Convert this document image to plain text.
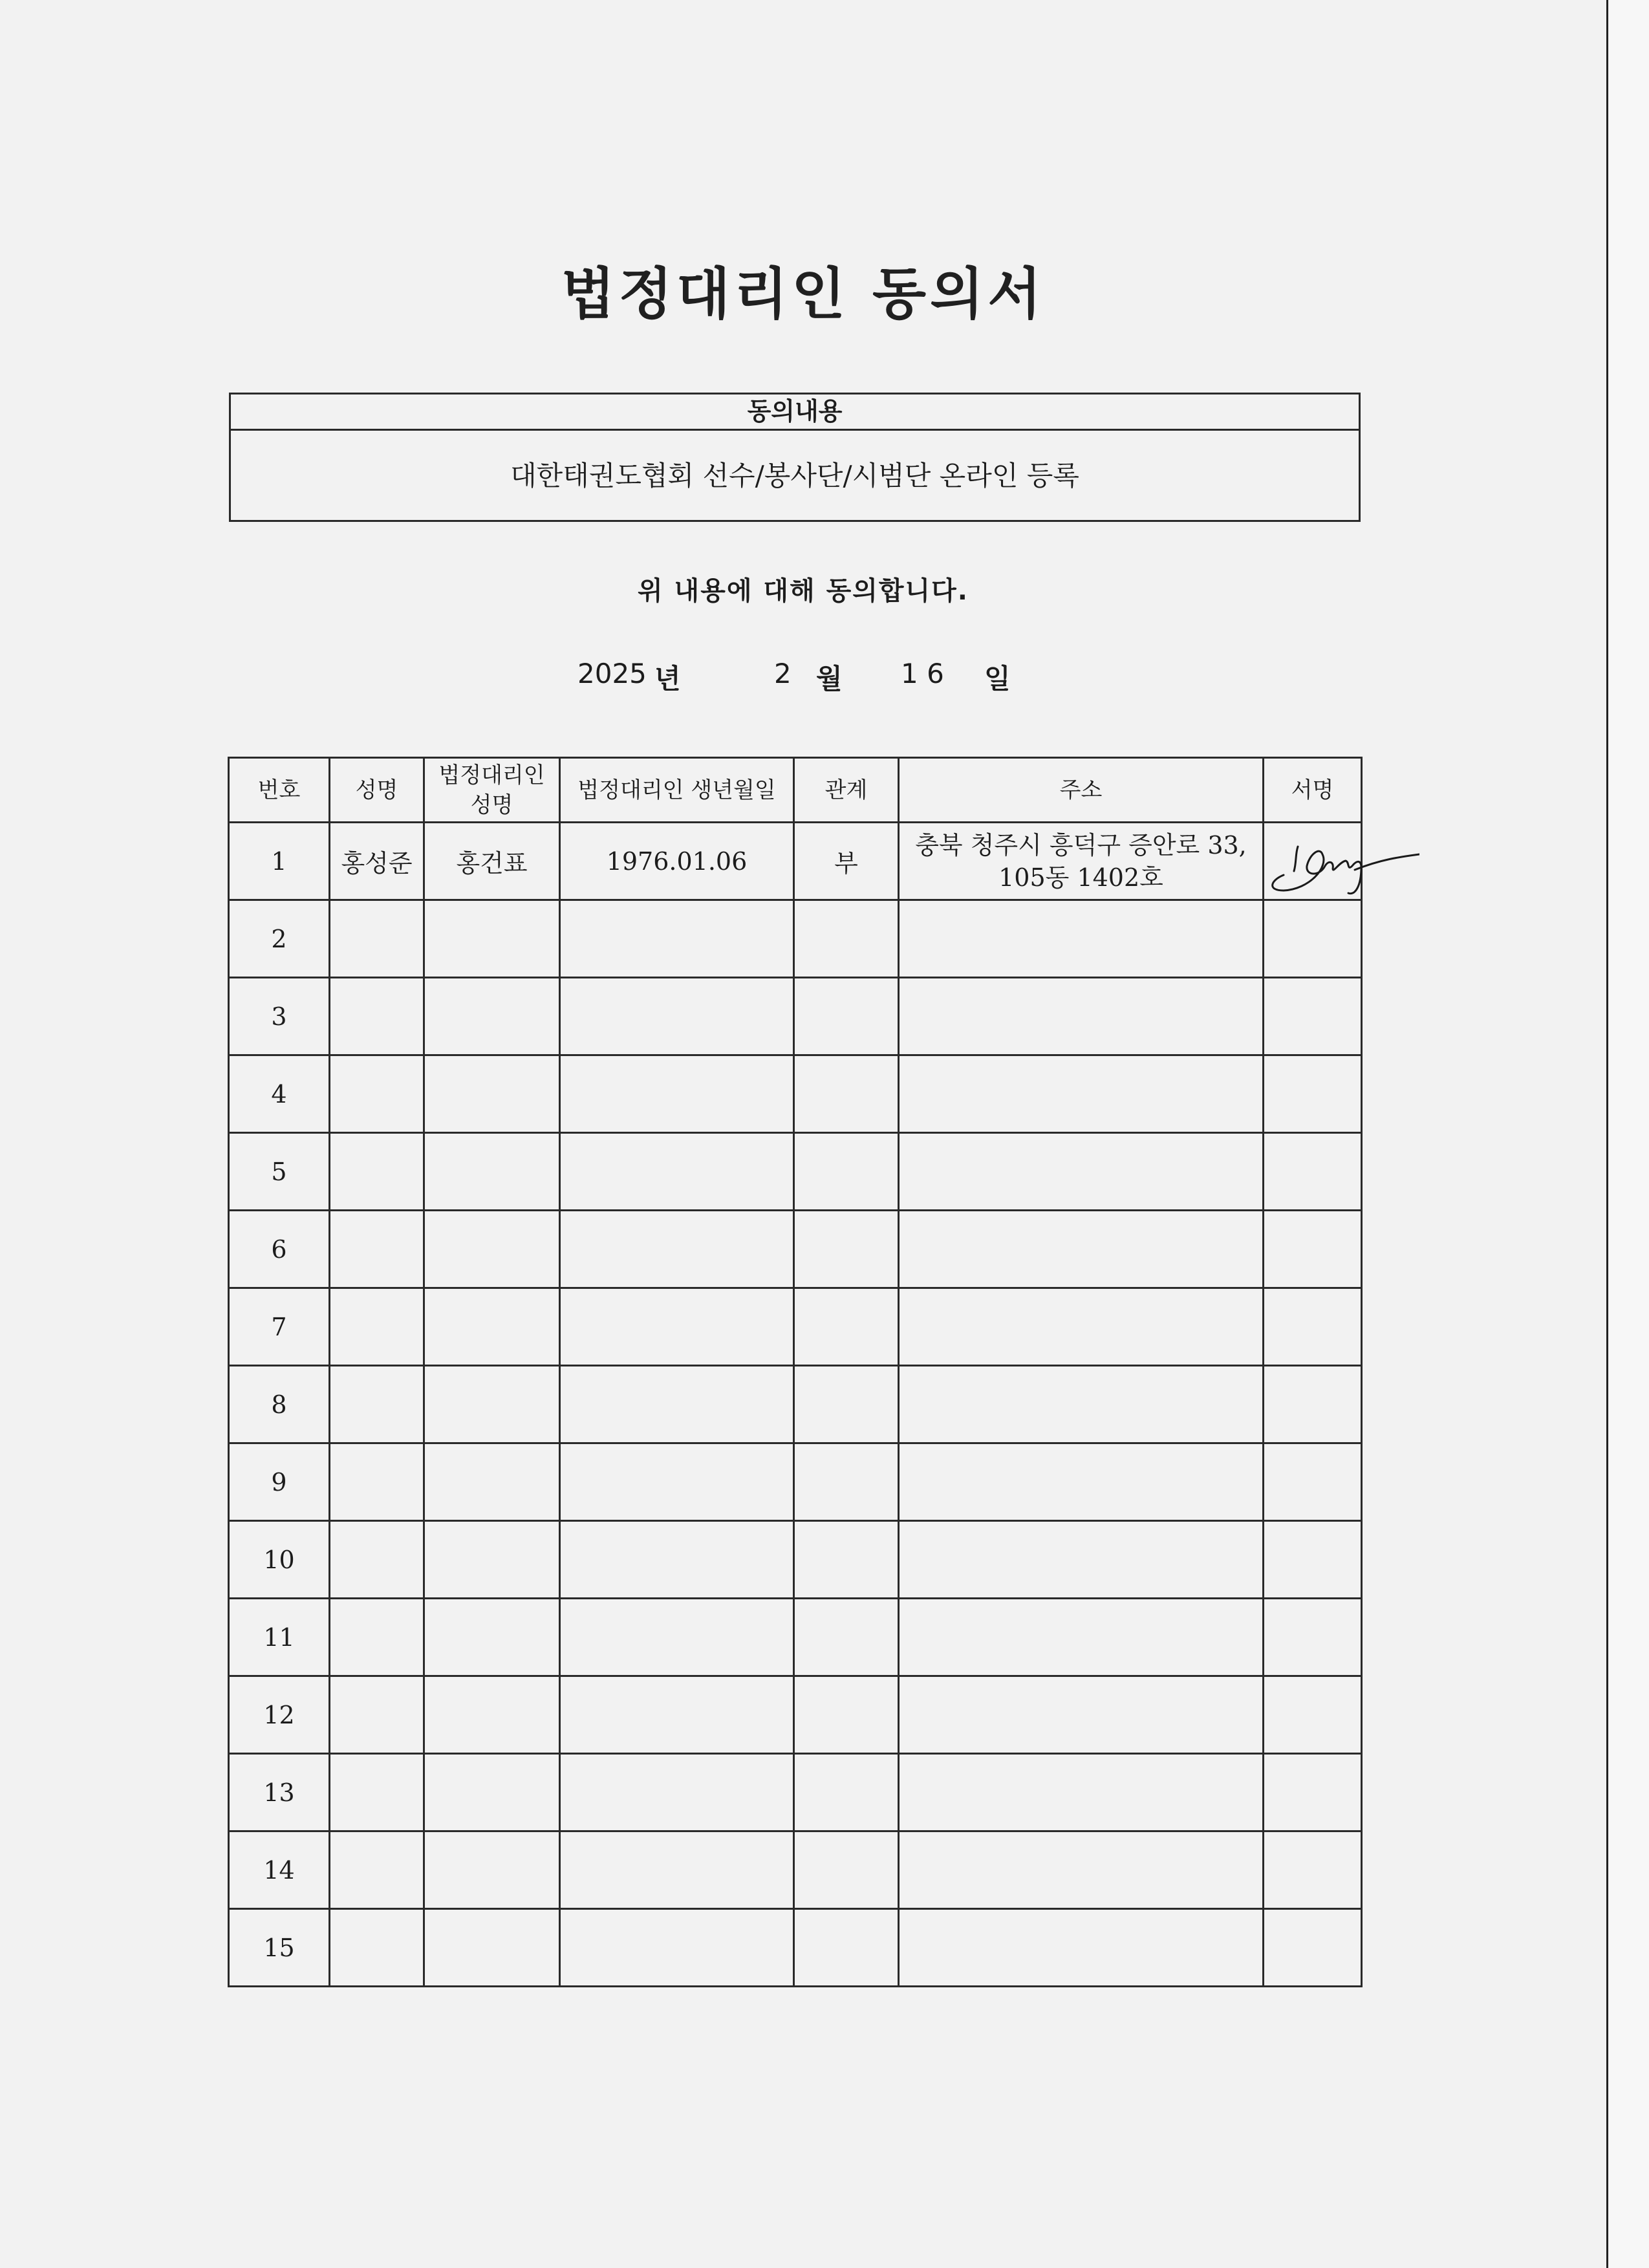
법정대리인 동의서
동의내용
대한태권도협회 선수/봉사단/시범단 온라인 등록
위 내용에 대해 동의합니다.
2025 년	2 월 1 6 일
번호	성명	법정대리인 성명	법정대리인 생년월일	관계	주소	서명
1	홍성준	홍건표	1976.01.06	부	충북 청주시 흥덕구 증안로 33,
105동 1402호

2						
3						
4						
5						
6						
7						
8						
9						
10						
11						
12						
13						
14						
15						
